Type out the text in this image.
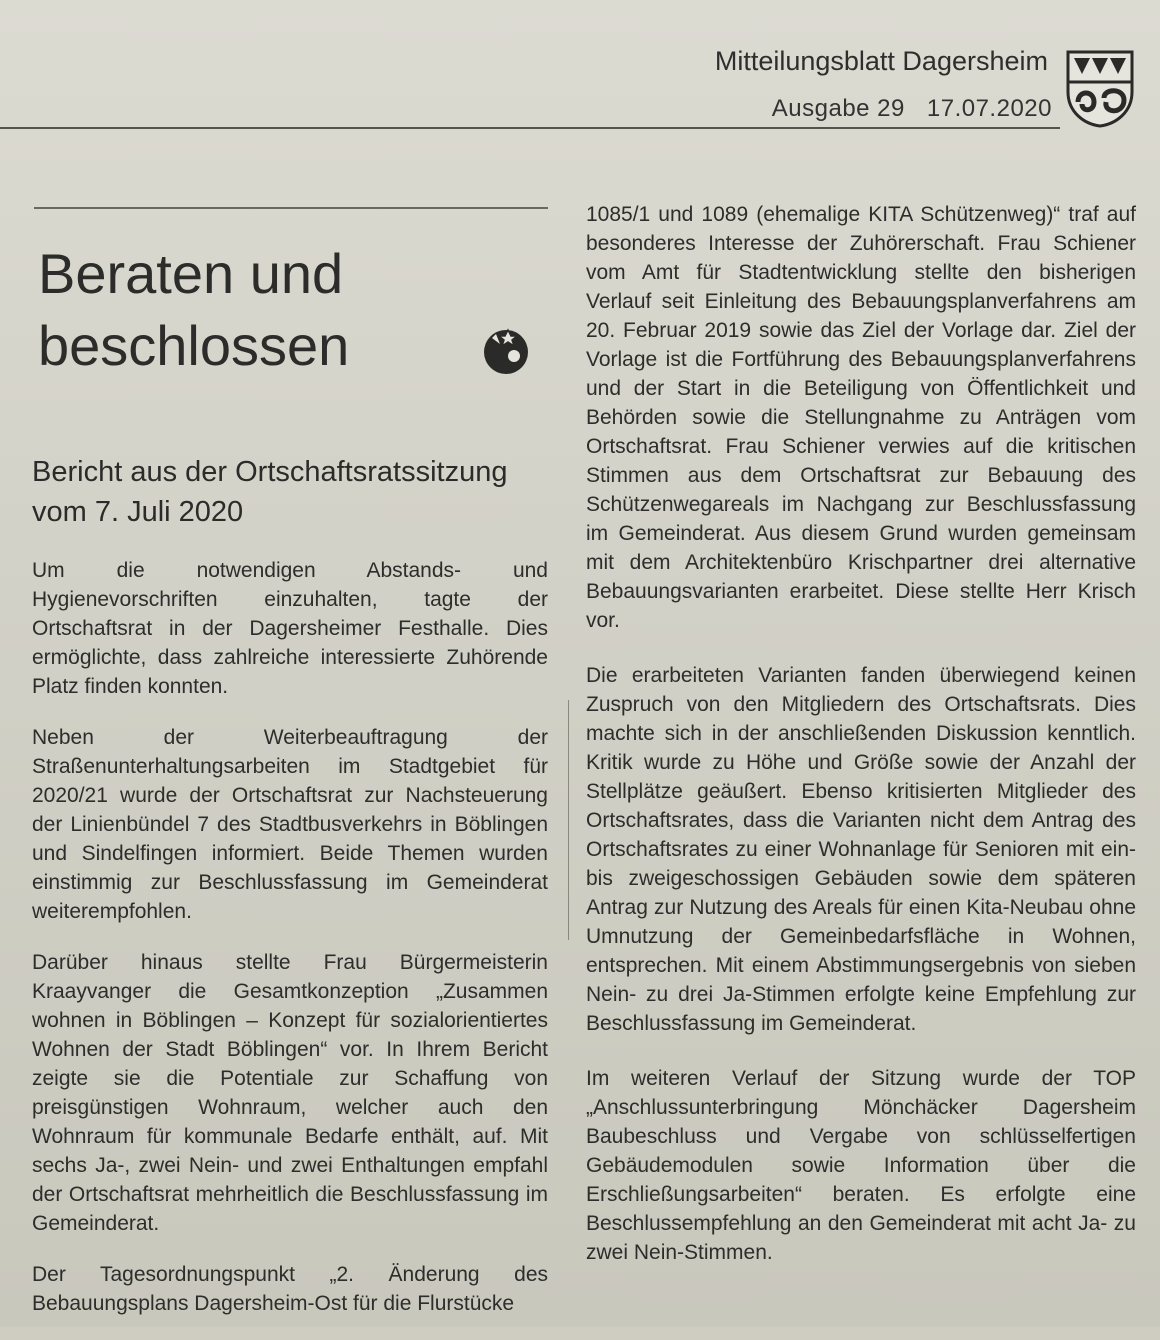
Mitteilungsblatt Dagersheim
Ausgabe 29 17.07.2020
Beraten und
beschlossen
Bericht aus der Ortschaftsratssitzung vom 7. Juli 2020

Um die notwendigen Abstands- und Hygienevorschriften einzuhalten, tagte der Ortschaftsrat in der Dagersheimer Festhalle. Dies ermöglichte, dass zahlreiche interessierte Zuhörende Platz finden konnten.

Neben der Weiterbeauftragung der Straßenunterhaltungsarbeiten im Stadtgebiet für 2020/21 wurde der Ortschaftsrat zur Nachsteuerung der Linienbündel 7 des Stadtbusverkehrs in Böblingen und Sindelfingen informiert. Beide Themen wurden einstimmig zur Beschlussfassung im Gemeinderat weiterempfohlen.

Darüber hinaus stellte Frau Bürgermeisterin Kraayvanger die Gesamtkonzeption „Zusammen wohnen in Böblingen – Konzept für sozialorientiertes Wohnen der Stadt Böblingen“ vor. In Ihrem Bericht zeigte sie die Potentiale zur Schaffung von preisgünstigen Wohnraum, welcher auch den Wohnraum für kommunale Bedarfe enthält, auf. Mit sechs Ja-, zwei Nein- und zwei Enthaltungen empfahl der Ortschaftsrat mehrheitlich die Beschlussfassung im Gemeinderat.

Der Tagesordnungspunkt „2. Änderung des Bebauungsplans Dagersheim-Ost für die Flurstücke

1085/1 und 1089 (ehemalige KITA Schützenweg)“ traf auf besonderes Interesse der Zuhörerschaft. Frau Schiener vom Amt für Stadtentwicklung stellte den bisherigen Verlauf seit Einleitung des Bebauungsplanverfahrens am 20. Februar 2019 sowie das Ziel der Vorlage dar. Ziel der Vorlage ist die Fortführung des Bebauungsplanverfahrens und der Start in die Beteiligung von Öffentlichkeit und Behörden sowie die Stellungnahme zu Anträgen vom Ortschaftsrat. Frau Schiener verwies auf die kritischen Stimmen aus dem Ortschaftsrat zur Bebauung des Schützenwegareals im Nachgang zur Beschlussfassung im Gemeinderat. Aus diesem Grund wurden gemeinsam mit dem Architektenbüro Krischpartner drei alternative Bebauungsvarianten erarbeitet. Diese stellte Herr Krisch vor.

Die erarbeiteten Varianten fanden überwiegend keinen Zuspruch von den Mitgliedern des Ortschaftsrats. Dies machte sich in der anschließenden Diskussion kenntlich. Kritik wurde zu Höhe und Größe sowie der Anzahl der Stellplätze geäußert. Ebenso kritisierten Mitglieder des Ortschaftsrates, dass die Varianten nicht dem Antrag des Ortschaftsrates zu einer Wohnanlage für Senioren mit ein- bis zweigeschossigen Gebäuden sowie dem späteren Antrag zur Nutzung des Areals für einen Kita-Neubau ohne Umnutzung der Gemeinbedarfsfläche in Wohnen, entsprechen. Mit einem Abstimmungsergebnis von sieben Nein- zu drei Ja-Stimmen erfolgte keine Empfehlung zur Beschlussfassung im Gemeinderat.

Im weiteren Verlauf der Sitzung wurde der TOP „Anschlussunterbringung Mönchäcker Dagersheim Baubeschluss und Vergabe von schlüsselfertigen Gebäudemodulen sowie Information über die Erschließungsarbeiten“ beraten. Es erfolgte eine Beschlussempfehlung an den Gemeinderat mit acht Ja- zu zwei Nein-Stimmen.
